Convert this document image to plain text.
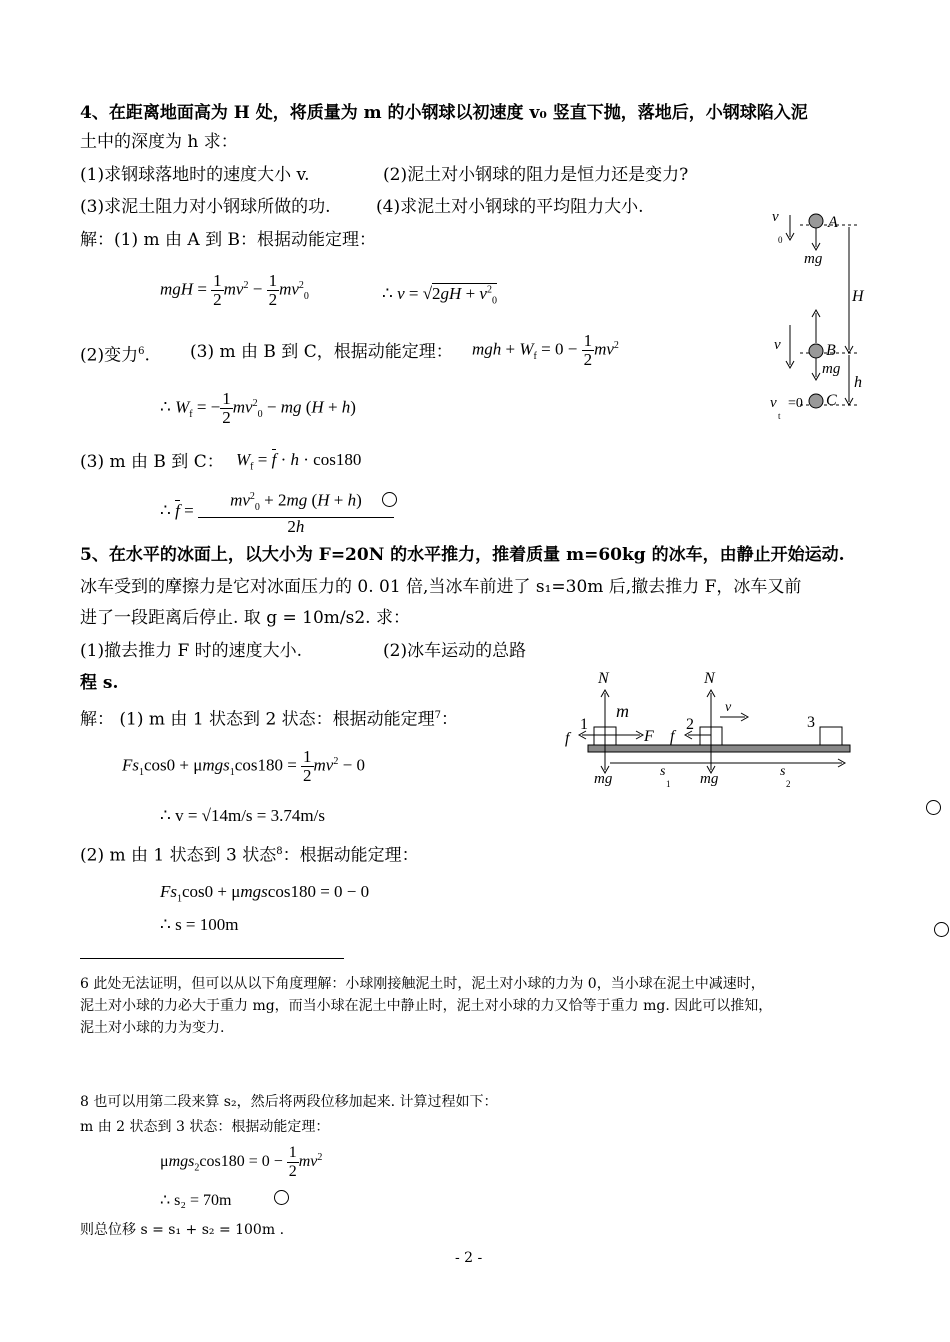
4、在距离地面高为 H 处，将质量为 m 的小钢球以初速度 v₀ 竖直下抛，落地后，小钢球陷入泥
土中的深度为 h 求：
(1)求钢球落地时的速度大小 v.	(2)泥土对小钢球的阻力是恒力还是变力?
(3)求泥土阻力对小钢球所做的功.	(4)求泥土对小钢球的平均阻力大小.
解：(1) m 由 A 到 B：根据动能定理：
mgH = $\frac{1}{2} mv^2 - \frac{1}{2} mv^2_0$	∴ $v = √2gH + v^2_0$
(2)变力$^6$. (3) m 由 B 到 C，根据动能定理： mgh + $W_f = 0 - \frac{1}{2} mv^2$
∴ $W_f$ = − $\frac{1}{2} mv^2_0$ − mg (H + h)
(3) m 由 B 到 C： $W_f = f \cdot h \cdot \cos 180$
∴ $f = \frac{mv^2_0 + 2mg (H + h)}{2h}$
A
B
C
H
h
mg
mg
v
0
v
v
t
=0
5、在水平的冰面上，以大小为 F=20N 的水平推力，推着质量 m=60kg 的冰车，由静止开始运动.
冰车受到的摩擦力是它对冰面压力的 0. 01 倍,当冰车前进了 s₁=30m 后,撤去推力 F，冰车又前
进了一段距离后停止. 取 g = 10m/s2. 求：
(1)撤去推力 F 时的速度大小.	(2)冰车运动的总路
程 s.
解： (1) m 由 1 状态到 2 状态：根据动能定理$^7$：
$Fs_1\cos 0 + \mu mgs_1\cos 180 = \frac{1}{2} mv^2 - 0$
∴ v = √14m/s = 3.74m/s
(2) m 由 1 状态到 3 状态$^8$：根据动能定理：
$Fs_1\cos 0 + \mu mgscos180 = 0 - 0$
∴ s = 100m
N	N
m
F
f	f
v
1	2	3
mg	mg
s
1
s
2
6 此处无法证明，但可以从以下角度理解：小球刚接触泥土时，泥土对小球的力为 0，当小球在泥土中减速时，
泥土对小球的力必大于重力 mg，而当小球在泥土中静止时，泥土对小球的力又恰等于重力 mg. 因此可以推知，
泥土对小球的力为变力.
8 也可以用第二段来算 s₂，然后将两段位移加起来. 计算过程如下：
m 由 2 状态到 3 状态：根据动能定理：
$\mu mgs_2\cos 180 = 0 - \frac{1}{2} mv^2$
∴ s₂ = 70m
则总位移 s = s₁ + s₂ = 100m .
- 2 -
